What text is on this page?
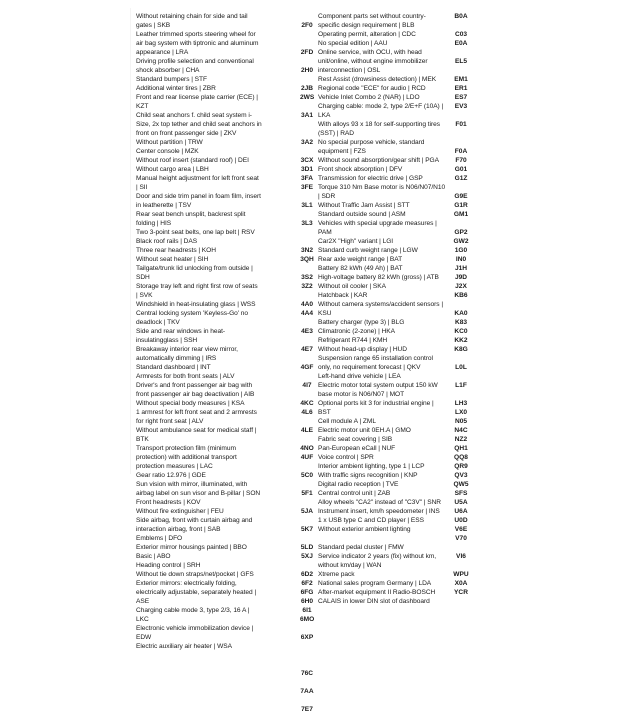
Without retaining chain for side and tail
gates | SKB
Leather trimmed sports steering wheel for
air bag system with tiptronic and aluminum
appearance | LRA
Driving profile selection and conventional
shock absorber | CHA
Standard bumpers | STF
Additional winter tires | ZBR
Front and rear license plate carrier (ECE) |
KZT
Child seat anchors f. child seat system i-
Size, 2x top tether and child seat anchors in
front on front passenger side | ZKV
Without partition | TRW
Center console | MZK
Without roof insert (standard roof) | DEI
Without cargo area | LBH
Manual height adjustment for left front seat
| SII
Door and side trim panel in foam film, insert
in leatherette | TSV
Rear seat bench unsplit, backrest split
folding | HIS
Two 3-point seat belts, one lap belt | RSV
Black roof rails | DAS
Three rear headrests | KOH
Without seat heater | SIH
Tailgate/trunk lid unlocking from outside |
SDH
Storage tray left and right first row of seats
| SVK
Windshield in heat-insulating glass | WSS
Central locking system 'Keyless-Go' no
deadlock | TKV
Side and rear windows in heat-
insulatingglass | SSH
Breakaway interior rear view mirror,
automatically dimming | IRS
Standard dashboard | INT
Armrests for both front seats | ALV
Driver's and front passenger air bag with
front passenger air bag deactivation | AIB
Without special body measures | KSA
1 armrest for left front seat and 2 armrests
for right front seat | ALV
Without ambulance seat for medical staff |
BTK
Transport protection film (minimum
protection) with additional transport
protection measures | LAC
Gear ratio 12.976 | GDE
Sun vision with mirror, illuminated, with
airbag label on sun visor and B-pillar | SON
Front headrests | KOV
Without fire extinguisher | FEU
Side airbag, front with curtain airbag and
interaction airbag, front | SAB
Emblems | DFO
Exterior mirror housings painted | BBO
Basic | ABO
Heading control | SRH
Without tie down straps/net/pocket | GFS
Exterior mirrors: electrically folding,
electrically adjustable, separately heated |
ASE
Charging cable mode 3, type 2/3, 16 A |
LKC
Electronic vehicle immobilization device |
EDW
Electric auxiliary air heater | WSA
2F0
2FD
2H0
2JB
2WS
3A1
3A2
3CX
3D1
3FA
3FE
3L1
3L3
3N2
3QH
3S2
3Z2
4A0
4A4
4E3
4E7
4GF
4I7
4KC
4L6
4LE
4NO
4UF
5C0
5F1
5JA
5K7
5LD
5XJ
6D2
6F2
6FG
6H0
6I1
6MO
6XP
76C
7AA
7E7
Component parts set without country-
specific design requirement | BLB
Operating permit, alteration | CDC
No special edition | AAU
Online service, with OCU, with head
unit/online, without engine immobilizer
interconnection | OSL
Rest Assist (drowsiness detection) | MEK
Regional code "ECE" for audio | RCD
Vehicle Inlet Combo 2 (NAR) | LDO
Charging cable: mode 2, type 2/E+F (10A) |
LKA
With alloys 93 x 18 for self-supporting tires
(SST) | RAD
No special purpose vehicle, standard
equipment | FZS
Without sound absorption/gear shift | PGA
Front shock absorption | DFV
Transmission for electric drive | GSP
Torque 310 Nm Base motor is N06/N07/N10
| SDR
Without Traffic Jam Assist | STT
Standard outside sound | ASM
Vehicles with special upgrade measures |
PAM
Car2X "High" variant | LGI
Standard curb weight range | LGW
Rear axle weight range | BAT
Battery 82 kWh (49 Ah) | BAT
High-voltage battery 82 kWh (gross) | ATB
Without oil cooler | SKA
Hatchback | KAR
Without camera systems/accident sensors |
KSU
Battery charger (type 3) | BLG
Climatronic (2-zone) | HKA
Refrigerant R744 | KMH
Without head-up display | HUD
Suspension range 65 installation control
only, no requirement forecast | QKV
Left-hand drive vehicle | LEA
Electric motor total system output 150 kW
base motor is N06/N07 | MOT
Optional ports kit 3 for industrial engine |
BST
Cell module A | ZML
Electric motor unit 0EH.A | GMO
Fabric seat covering | SIB
Pan-European eCall | NUF
Voice control | SPR
Interior ambient lighting, type 1 | LCP
With traffic signs recognition | KNP
Digital radio reception | TVE
Central control unit | ZAB
Alloy wheels "CA2" instead of "C3V" | SNR
Instrument insert, km/h speedometer | INS
1 x USB type C and CD player | ESS
Without exterior ambient lighting
Standard pedal cluster | FMW
Service indicator 2 years (fix) without km,
without km/day | WAN
Xtreme pack
National sales program Germany | LDA
After-market equipment II Radio-BOSCH
CALAIS in lower DIN slot of dashboard
B0A
C03
E0A
EL5
EM1
ER1
ES7
EV3
F01
F0A
F70
G01
G1Z
G9E
G1R
GM1
GP2
GW2
1G0
IN0
J1H
J9D
J2X
KB6
KA0
K83
KC0
KK2
K8G
L0L
L1F
LH3
LX0
N05
N4C
NZ2
QH1
QQ8
QR9
QV3
QW5
SFS
U5A
U6A
U0D
V6E
V70
VI6
WPU
X0A
YCR
